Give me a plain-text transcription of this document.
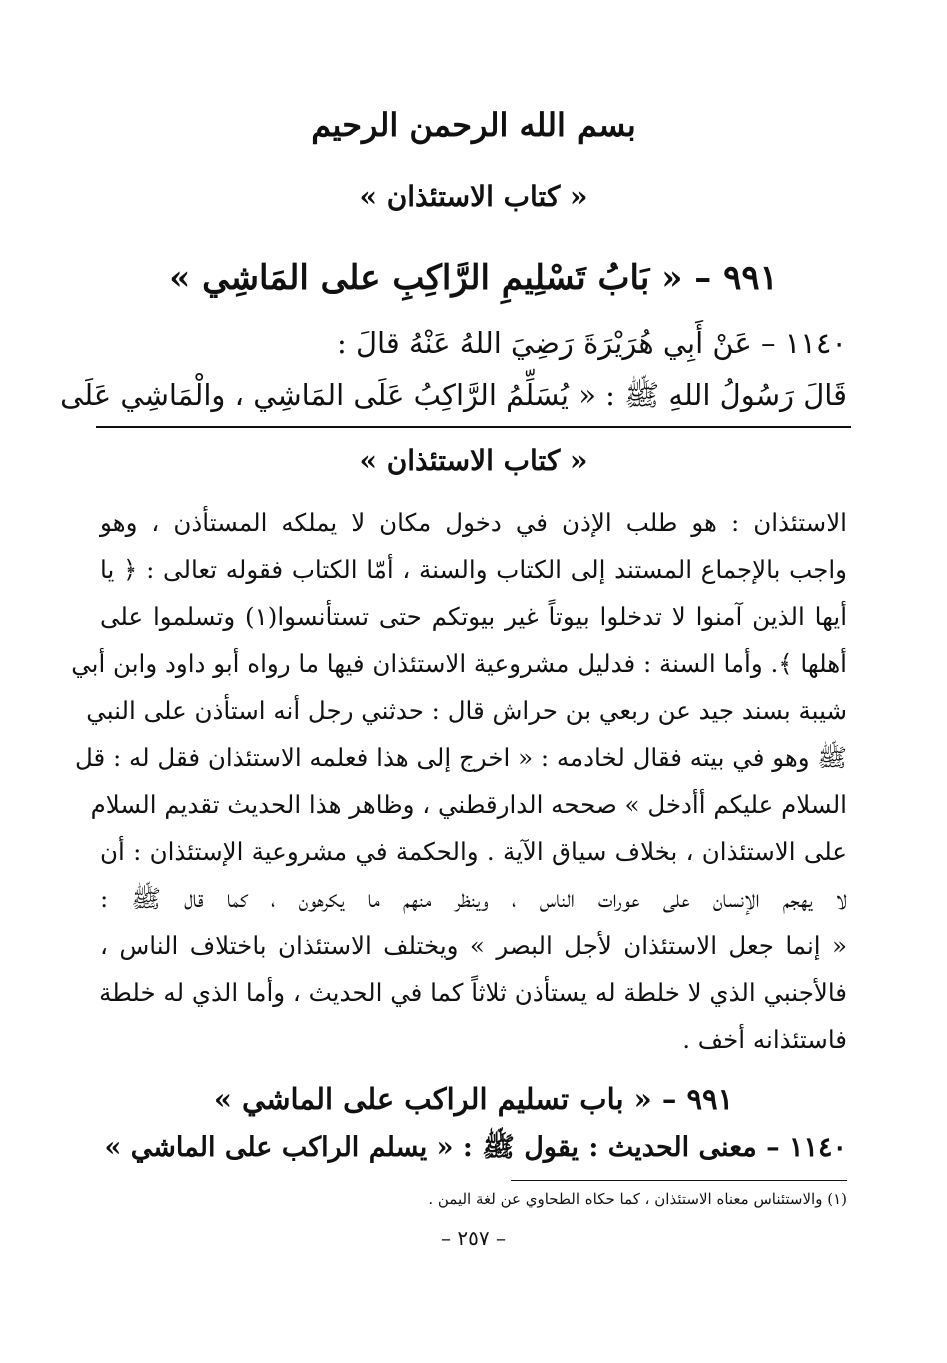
بسم الله الرحمن الرحيم
« كتاب الاستئذان »
٩٩١ – « بَابُ تَسْلِيمِ الرَّاكِبِ على المَاشِي »
١١٤٠ – عَنْ أَبِي هُرَيْرَةَ رَضِيَ اللهُ عَنْهُ قالَ :
قَالَ رَسُولُ اللهِ ﷺ : « يُسَلِّمُ الرَّاكِبُ عَلَى المَاشِي ، والْمَاشِي عَلَى
« كتاب الاستئذان »
الاستئذان : هو طلب الإذن في دخول مكان لا يملكه المستأذن ، وهو
واجب بالإجماع المستند إلى الكتاب والسنة ، أمّا الكتاب فقوله تعالى : ﴿ يا
أيها الذين آمنوا لا تدخلوا بيوتاً غير بيوتكم حتى تستأنسوا(١) وتسلموا على
أهلها ﴾. وأما السنة : فدليل مشروعية الاستئذان فيها ما رواه أبو داود وابن أبي
شيبة بسند جيد عن ربعي بن حراش قال : حدثني رجل أنه استأذن على النبي
ﷺ وهو في بيته فقال لخادمه : « اخرج إلى هذا فعلمه الاستئذان فقل له : قل
السلام عليكم أأدخل » صححه الدارقطني ، وظاهر هذا الحديث تقديم السلام
على الاستئذان ، بخلاف سياق الآية . والحكمة في مشروعية الإستئذان : أن
لا يهجم الإنسان على عورات الناس ، وينظر منهم ما يكرهون ، كما قال ﷺ :
« إنما جعل الاستئذان لأجل البصر » ويختلف الاستئذان باختلاف الناس ،
فالأجنبي الذي لا خلطة له يستأذن ثلاثاً كما في الحديث ، وأما الذي له خلطة
فاستئذانه أخف .
٩٩١ – « باب تسليم الراكب على الماشي »
١١٤٠ – معنى الحديث : يقول ﷺ : « يسلم الراكب على الماشي »
(١) والاستئناس معناه الاستئذان ، كما حكاه الطحاوي عن لغة اليمن .
– ٢٥٧ –
